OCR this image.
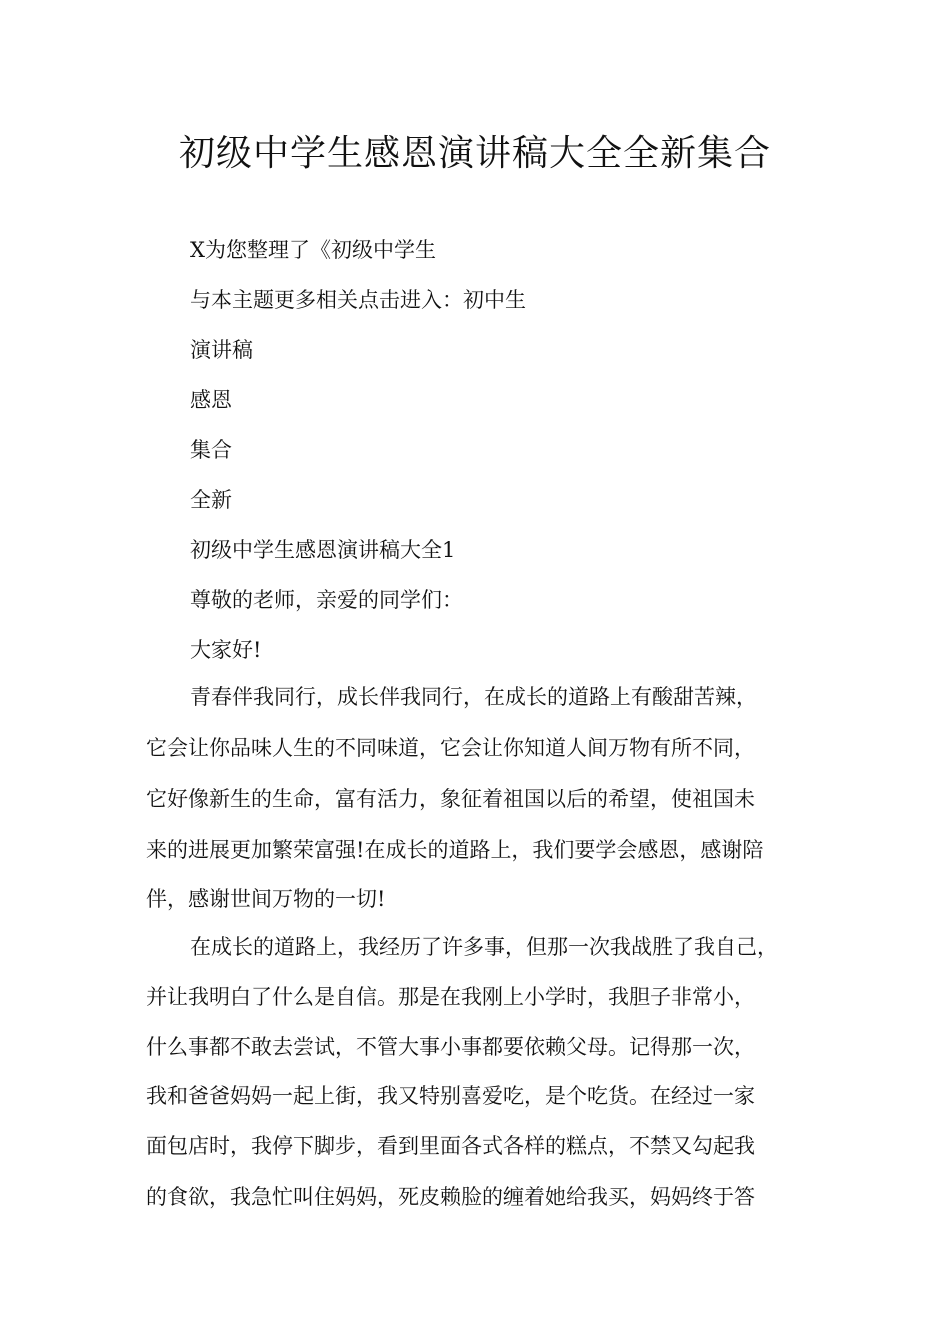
初级中学生感恩演讲稿大全全新集合

X为您整理了《初级中学生

与本主题更多相关点击进入：初中生

演讲稿

感恩

集合

全新

初级中学生感恩演讲稿大全1

尊敬的老师，亲爱的同学们：

大家好!

青春伴我同行，成长伴我同行，在成长的道路上有酸甜苦辣，

它会让你品味人生的不同味道，它会让你知道人间万物有所不同，

它好像新生的生命，富有活力，象征着祖国以后的希望，使祖国未

来的进展更加繁荣富强!在成长的道路上，我们要学会感恩，感谢陪

伴，感谢世间万物的一切!

在成长的道路上，我经历了许多事，但那一次我战胜了我自己，

并让我明白了什么是自信。那是在我刚上小学时，我胆子非常小，

什么事都不敢去尝试，不管大事小事都要依赖父母。记得那一次，

我和爸爸妈妈一起上街，我又特别喜爱吃，是个吃货。在经过一家

面包店时，我停下脚步，看到里面各式各样的糕点，不禁又勾起我

的食欲，我急忙叫住妈妈，死皮赖脸的缠着她给我买，妈妈终于答
